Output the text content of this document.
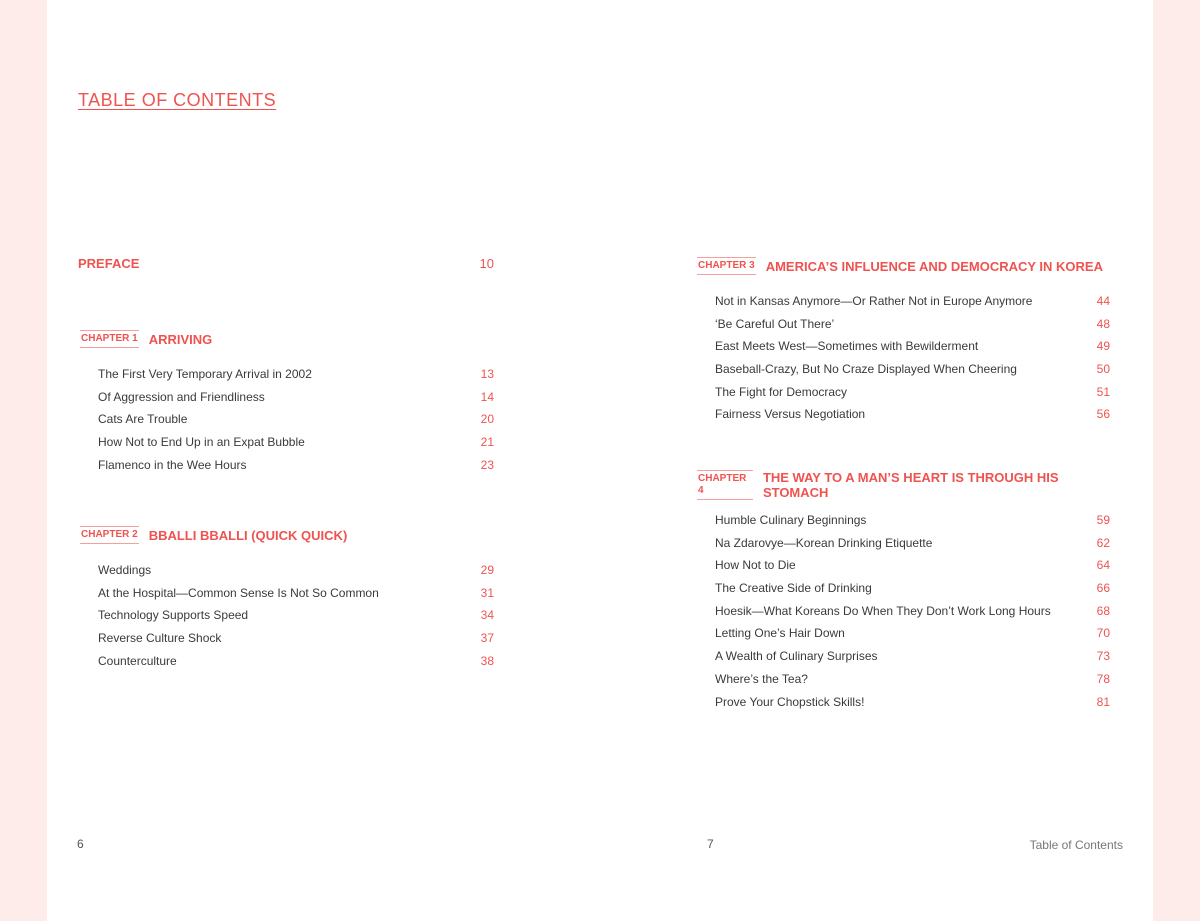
TABLE OF CONTENTS
PREFACE	10
CHAPTER 1 ARRIVING
The First Very Temporary Arrival in 2002	13
Of Aggression and Friendliness	14
Cats Are Trouble	20
How Not to End Up in an Expat Bubble	21
Flamenco in the Wee Hours	23
CHAPTER 2 BBALLI BBALLI (QUICK QUICK)
Weddings	29
At the Hospital—Common Sense Is Not So Common	31
Technology Supports Speed	34
Reverse Culture Shock	37
Counterculture	38
6
CHAPTER 3 AMERICA’S INFLUENCE AND DEMOCRACY IN KOREA
Not in Kansas Anymore—Or Rather Not in Europe Anymore	44
‘Be Careful Out There’	48
East Meets West—Sometimes with Bewilderment	49
Baseball-Crazy, But No Craze Displayed When Cheering	50
The Fight for Democracy	51
Fairness Versus Negotiation	56
CHAPTER 4
THE WAY TO A MAN’S HEART IS THROUGH HIS STOMACH
Humble Culinary Beginnings	59
Na Zdarovye—Korean Drinking Etiquette	62
How Not to Die	64
The Creative Side of Drinking	66
Hoesik—What Koreans Do When They Don’t Work Long Hours	68
Letting One’s Hair Down	70
A Wealth of Culinary Surprises	73
Where’s the Tea?	78
Prove Your Chopstick Skills!	81
7	Table of Contents
